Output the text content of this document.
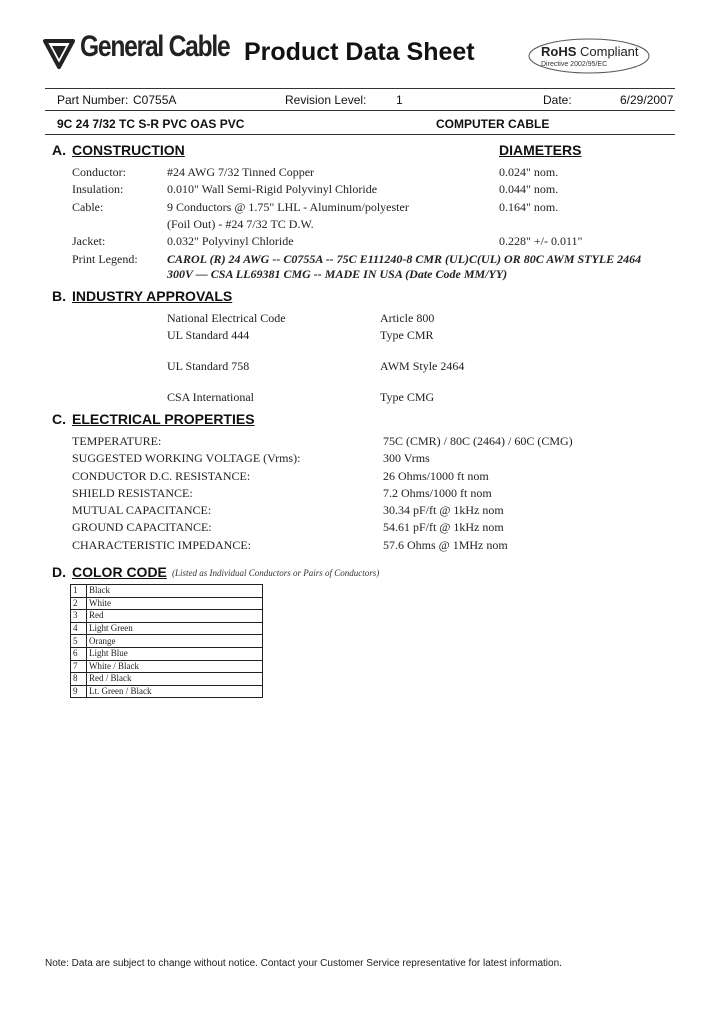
General Cable Product Data Sheet	RoHS Compliant
Directive 2002/95/EC
Part Number: C0755A	Revision Level: 1	Date:	6/29/2007
9C 24 7/32 TC S-R PVC OAS PVC	COMPUTER CABLE
A. CONSTRUCTION	DIAMETERS
Conductor:	#24 AWG 7/32 Tinned Copper	0.024" nom.
Insulation:	0.010" Wall Semi-Rigid Polyvinyl Chloride	0.044" nom.
Cable:	9 Conductors @ 1.75" LHL - Aluminum/polyester	0.164" nom.
(Foil Out) - #24 7/32 TC D.W.
Jacket:	0.032" Polyvinyl Chloride	0.228" +/- 0.011"
Print Legend: CAROL (R) 24 AWG -- C0755A -- 75C E111240-8 CMR (UL)C(UL) OR 80C AWM STYLE 2464
300V — CSA LL69381 CMG -- MADE IN USA (Date Code MM/YY)
B. INDUSTRY APPROVALS
National Electrical Code	Article 800
UL Standard 444	Type CMR
UL Standard 758	AWM Style 2464
CSA International	Type CMG
C. ELECTRICAL PROPERTIES
TEMPERATURE:	75C (CMR) / 80C (2464) / 60C (CMG)
SUGGESTED WORKING VOLTAGE (Vrms):	300 Vrms
CONDUCTOR D.C. RESISTANCE:	26 Ohms/1000 ft nom
SHIELD RESISTANCE:	7.2 Ohms/1000 ft nom
MUTUAL CAPACITANCE:	30.34 pF/ft @ 1kHz nom
GROUND CAPACITANCE:	54.61 pF/ft @ 1kHz nom
CHARACTERISTIC IMPEDANCE:	57.6 Ohms @ 1MHz nom
D. COLOR CODE (Listed as Individual Conductors or Pairs of Conductors)
1	Black
2	White
3	Red
4	Light Green
5	Orange
6	Light Blue
7	White / Black
8	Red / Black
9	Lt. Green / Black
Note: Data are subject to change without notice. Contact your Customer Service representative for latest information.
